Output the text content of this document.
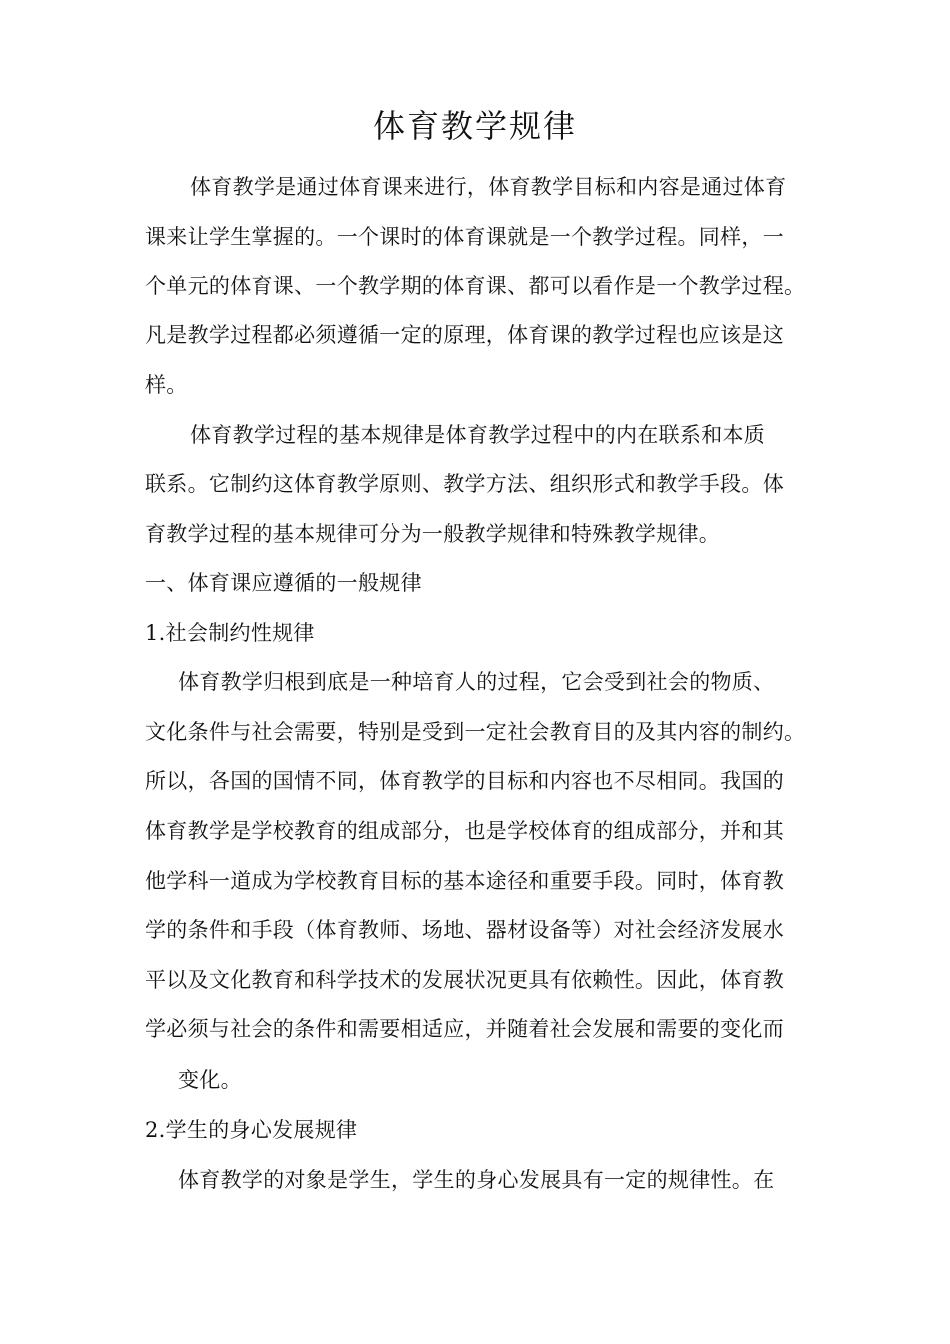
体育教学规律
体育教学是通过体育课来进行，体育教学目标和内容是通过体育
课来让学生掌握的。一个课时的体育课就是一个教学过程。同样，一
个单元的体育课、一个教学期的体育课、都可以看作是一个教学过程。
凡是教学过程都必须遵循一定的原理，体育课的教学过程也应该是这
样。
体育教学过程的基本规律是体育教学过程中的内在联系和本质
联系。它制约这体育教学原则、教学方法、组织形式和教学手段。体
育教学过程的基本规律可分为一般教学规律和特殊教学规律。
一、体育课应遵循的一般规律
1.社会制约性规律
体育教学归根到底是一种培育人的过程，它会受到社会的物质、
文化条件与社会需要，特别是受到一定社会教育目的及其内容的制约。
所以，各国的国情不同，体育教学的目标和内容也不尽相同。我国的
体育教学是学校教育的组成部分，也是学校体育的组成部分，并和其
他学科一道成为学校教育目标的基本途径和重要手段。同时，体育教
学的条件和手段（体育教师、场地、器材设备等）对社会经济发展水
平以及文化教育和科学技术的发展状况更具有依赖性。因此，体育教
学必须与社会的条件和需要相适应，并随着社会发展和需要的变化而
变化。
2.学生的身心发展规律
体育教学的对象是学生，学生的身心发展具有一定的规律性。在
